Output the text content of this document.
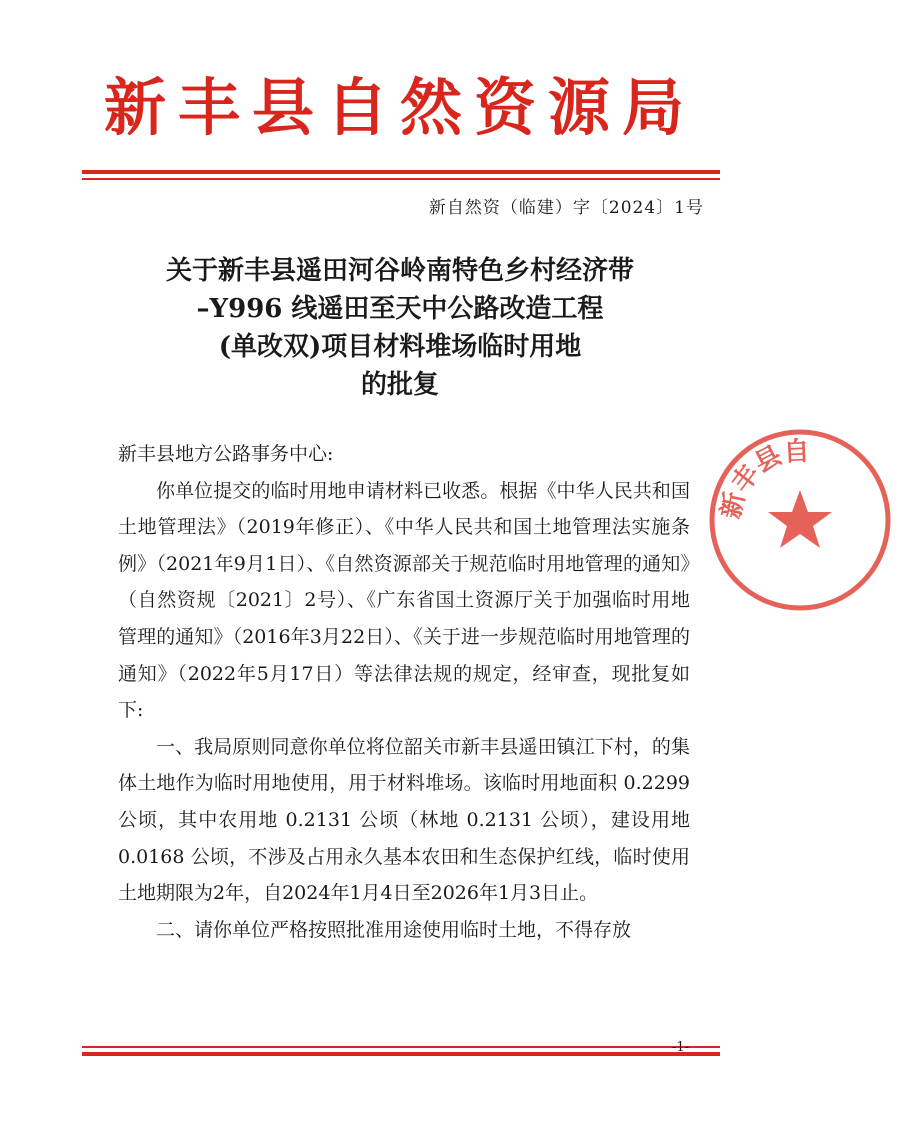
新丰县自然资源局
新自然资（临建）字〔2024〕1号
关于新丰县遥田河谷岭南特色乡村经济带
–Y996 线遥田至天中公路改造工程
(单改双)项目材料堆场临时用地
的批复

新丰县地方公路事务中心:

你单位提交的临时用地申请材料已收悉。根据《中华人民共和国土地管理法》（2019年修正）、《中华人民共和国土地管理法实施条例》（2021年9月1日）、《自然资源部关于规范临时用地管理的通知》（自然资规〔2021〕2号）、《广东省国土资源厅关于加强临时用地管理的通知》（2016年3月22日）、《关于进一步规范临时用地管理的通知》（2022年5月17日）等法律法规的规定，经审查，现批复如下:

一、我局原则同意你单位将位韶关市新丰县遥田镇江下村，的集体土地作为临时用地使用，用于材料堆场。该临时用地面积 0.2299 公顷，其中农用地 0.2131 公顷（林地 0.2131 公顷），建设用地 0.0168 公顷，不涉及占用永久基本农田和生态保护红线，临时使用土地期限为2年，自2024年1月4日至2026年1月3日止。

二、请你单位严格按照批准用途使用临时土地，不得存放

新丰县自
-1-
